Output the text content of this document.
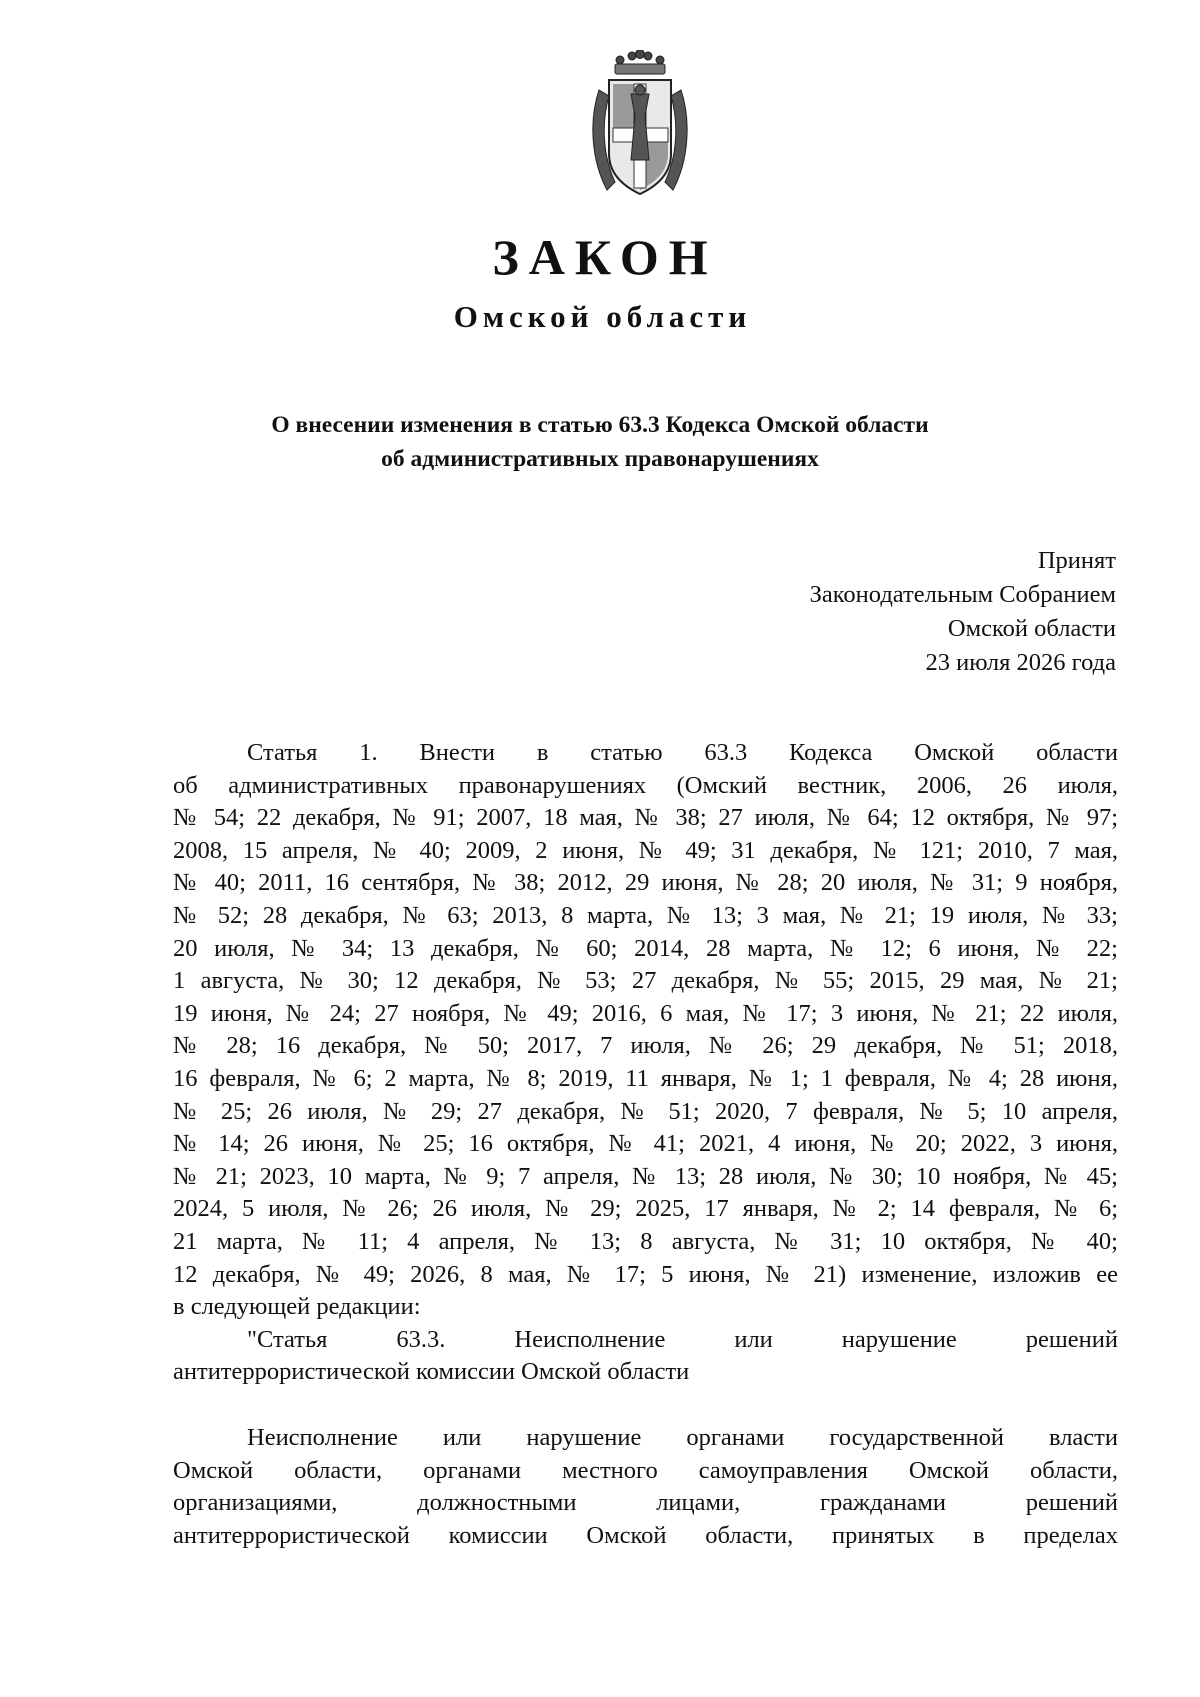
ЗАКОН
Омской области
О внесении изменения в статью 63.3 Кодекса Омской области
об административных правонарушениях
Принят
Законодательным Собранием
Омской области
23 июля 2026 года
Статья 1. Внести в статью 63.3 Кодекса Омской области
об административных правонарушениях (Омский вестник, 2006, 26 июля,
№ 54; 22 декабря, № 91; 2007, 18 мая, № 38; 27 июля, № 64; 12 октября, № 97;
2008, 15 апреля, № 40; 2009, 2 июня, № 49; 31 декабря, № 121; 2010, 7 мая,
№ 40; 2011, 16 сентября, № 38; 2012, 29 июня, № 28; 20 июля, № 31; 9 ноября,
№ 52; 28 декабря, № 63; 2013, 8 марта, № 13; 3 мая, № 21; 19 июля, № 33;
20 июля, № 34; 13 декабря, № 60; 2014, 28 марта, № 12; 6 июня, № 22;
1 августа, № 30; 12 декабря, № 53; 27 декабря, № 55; 2015, 29 мая, № 21;
19 июня, № 24; 27 ноября, № 49; 2016, 6 мая, № 17; 3 июня, № 21; 22 июля,
№ 28; 16 декабря, № 50; 2017, 7 июля, № 26; 29 декабря, № 51; 2018,
16 февраля, № 6; 2 марта, № 8; 2019, 11 января, № 1; 1 февраля, № 4; 28 июня,
№ 25; 26 июля, № 29; 27 декабря, № 51; 2020, 7 февраля, № 5; 10 апреля,
№ 14; 26 июня, № 25; 16 октября, № 41; 2021, 4 июня, № 20; 2022, 3 июня,
№ 21; 2023, 10 марта, № 9; 7 апреля, № 13; 28 июля, № 30; 10 ноября, № 45;
2024, 5 июля, № 26; 26 июля, № 29; 2025, 17 января, № 2; 14 февраля, № 6;
21 марта, № 11; 4 апреля, № 13; 8 августа, № 31; 10 октября, № 40;
12 декабря, № 49; 2026, 8 мая, № 17; 5 июня, № 21) изменение, изложив ее
в следующей редакции:
"Статья 63.3. Неисполнение или нарушение решений
антитеррористической комиссии Омской области
Неисполнение или нарушение органами государственной власти
Омской области, органами местного самоуправления Омской области,
организациями, должностными лицами, гражданами решений
антитеррористической комиссии Омской области, принятых в пределах
